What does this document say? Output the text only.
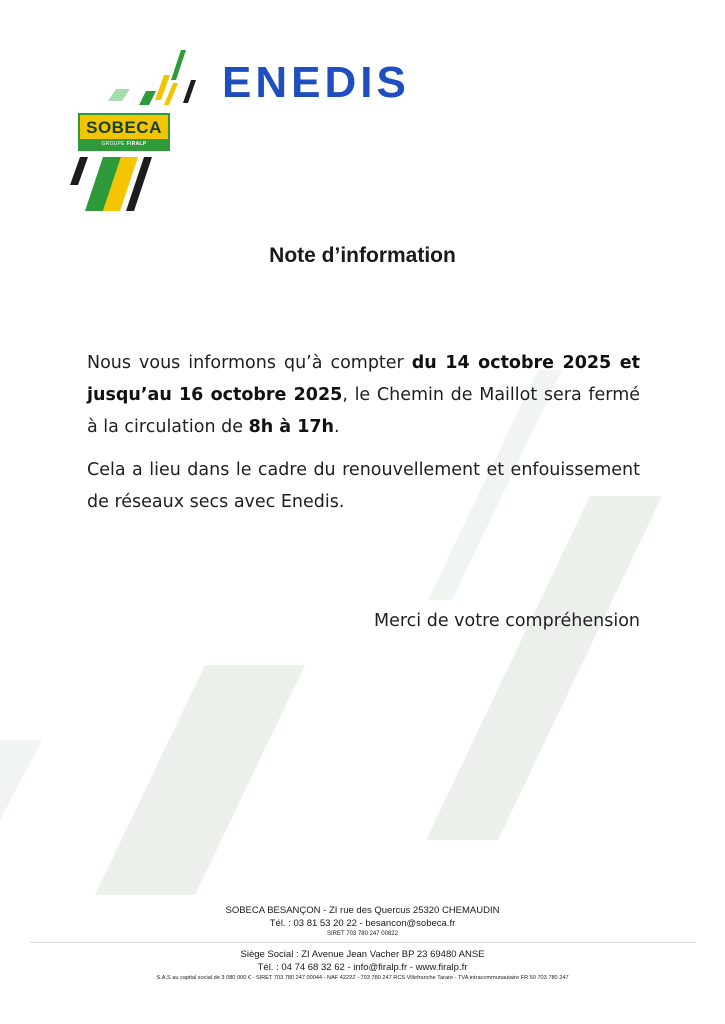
SOBECA
GROUPE FIRALP
ENEDIS
Note d’information

Nous vous informons qu’à compter du 14 octobre 2025 et jusqu’au 16 octobre 2025, le Chemin de Maillot sera fermé à la circulation de 8h à 17h.

Cela a lieu dans le cadre du renouvellement et enfouissement de réseaux secs avec Enedis.

Merci de votre compréhension
SOBECA BESANÇON - ZI rue des Quercus 25320 CHEMAUDIN
Tél. : 03 81 53 20 22 - besancon@sobeca.fr
SIRET 703 780 247 00822
Siège Social : ZI Avenue Jean Vacher BP 23 69480 ANSE
Tél. : 04 74 68 32 62 - info@firalp.fr - www.firalp.fr
S.A.S au capital social de 3 080 000 € - SIRET 703 780 247 00044 - NAF 4222Z - 703 780 247 RCS Villefranche Tarare - TVA intracommunautaire FR 50 703 780 247
